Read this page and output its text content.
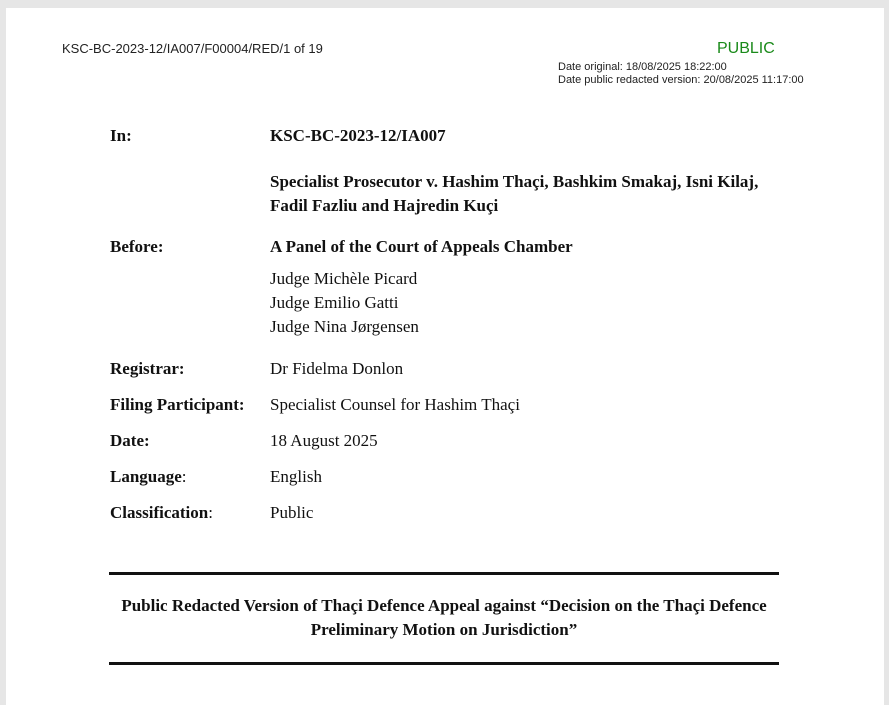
KSC-BC-2023-12/IA007/F00004/RED/1 of 19	PUBLIC
Date original: 18/08/2025 18:22:00
Date public redacted version: 20/08/2025 11:17:00
In:	KSC-BC-2023-12/IA007
Specialist Prosecutor v. Hashim Thaçi, Bashkim Smakaj, Isni Kilaj, Fadil Fazliu and Hajredin Kuçi
Before:	A Panel of the Court of Appeals Chamber
Judge Michèle Picard
Judge Emilio Gatti
Judge Nina Jørgensen
Registrar:	Dr Fidelma Donlon
Filing Participant: Specialist Counsel for Hashim Thaçi
Date:	18 August 2025
Language:	English
Classification:	Public
Public Redacted Version of Thaçi Defence Appeal against “Decision on the Thaçi Defence Preliminary Motion on Jurisdiction”
